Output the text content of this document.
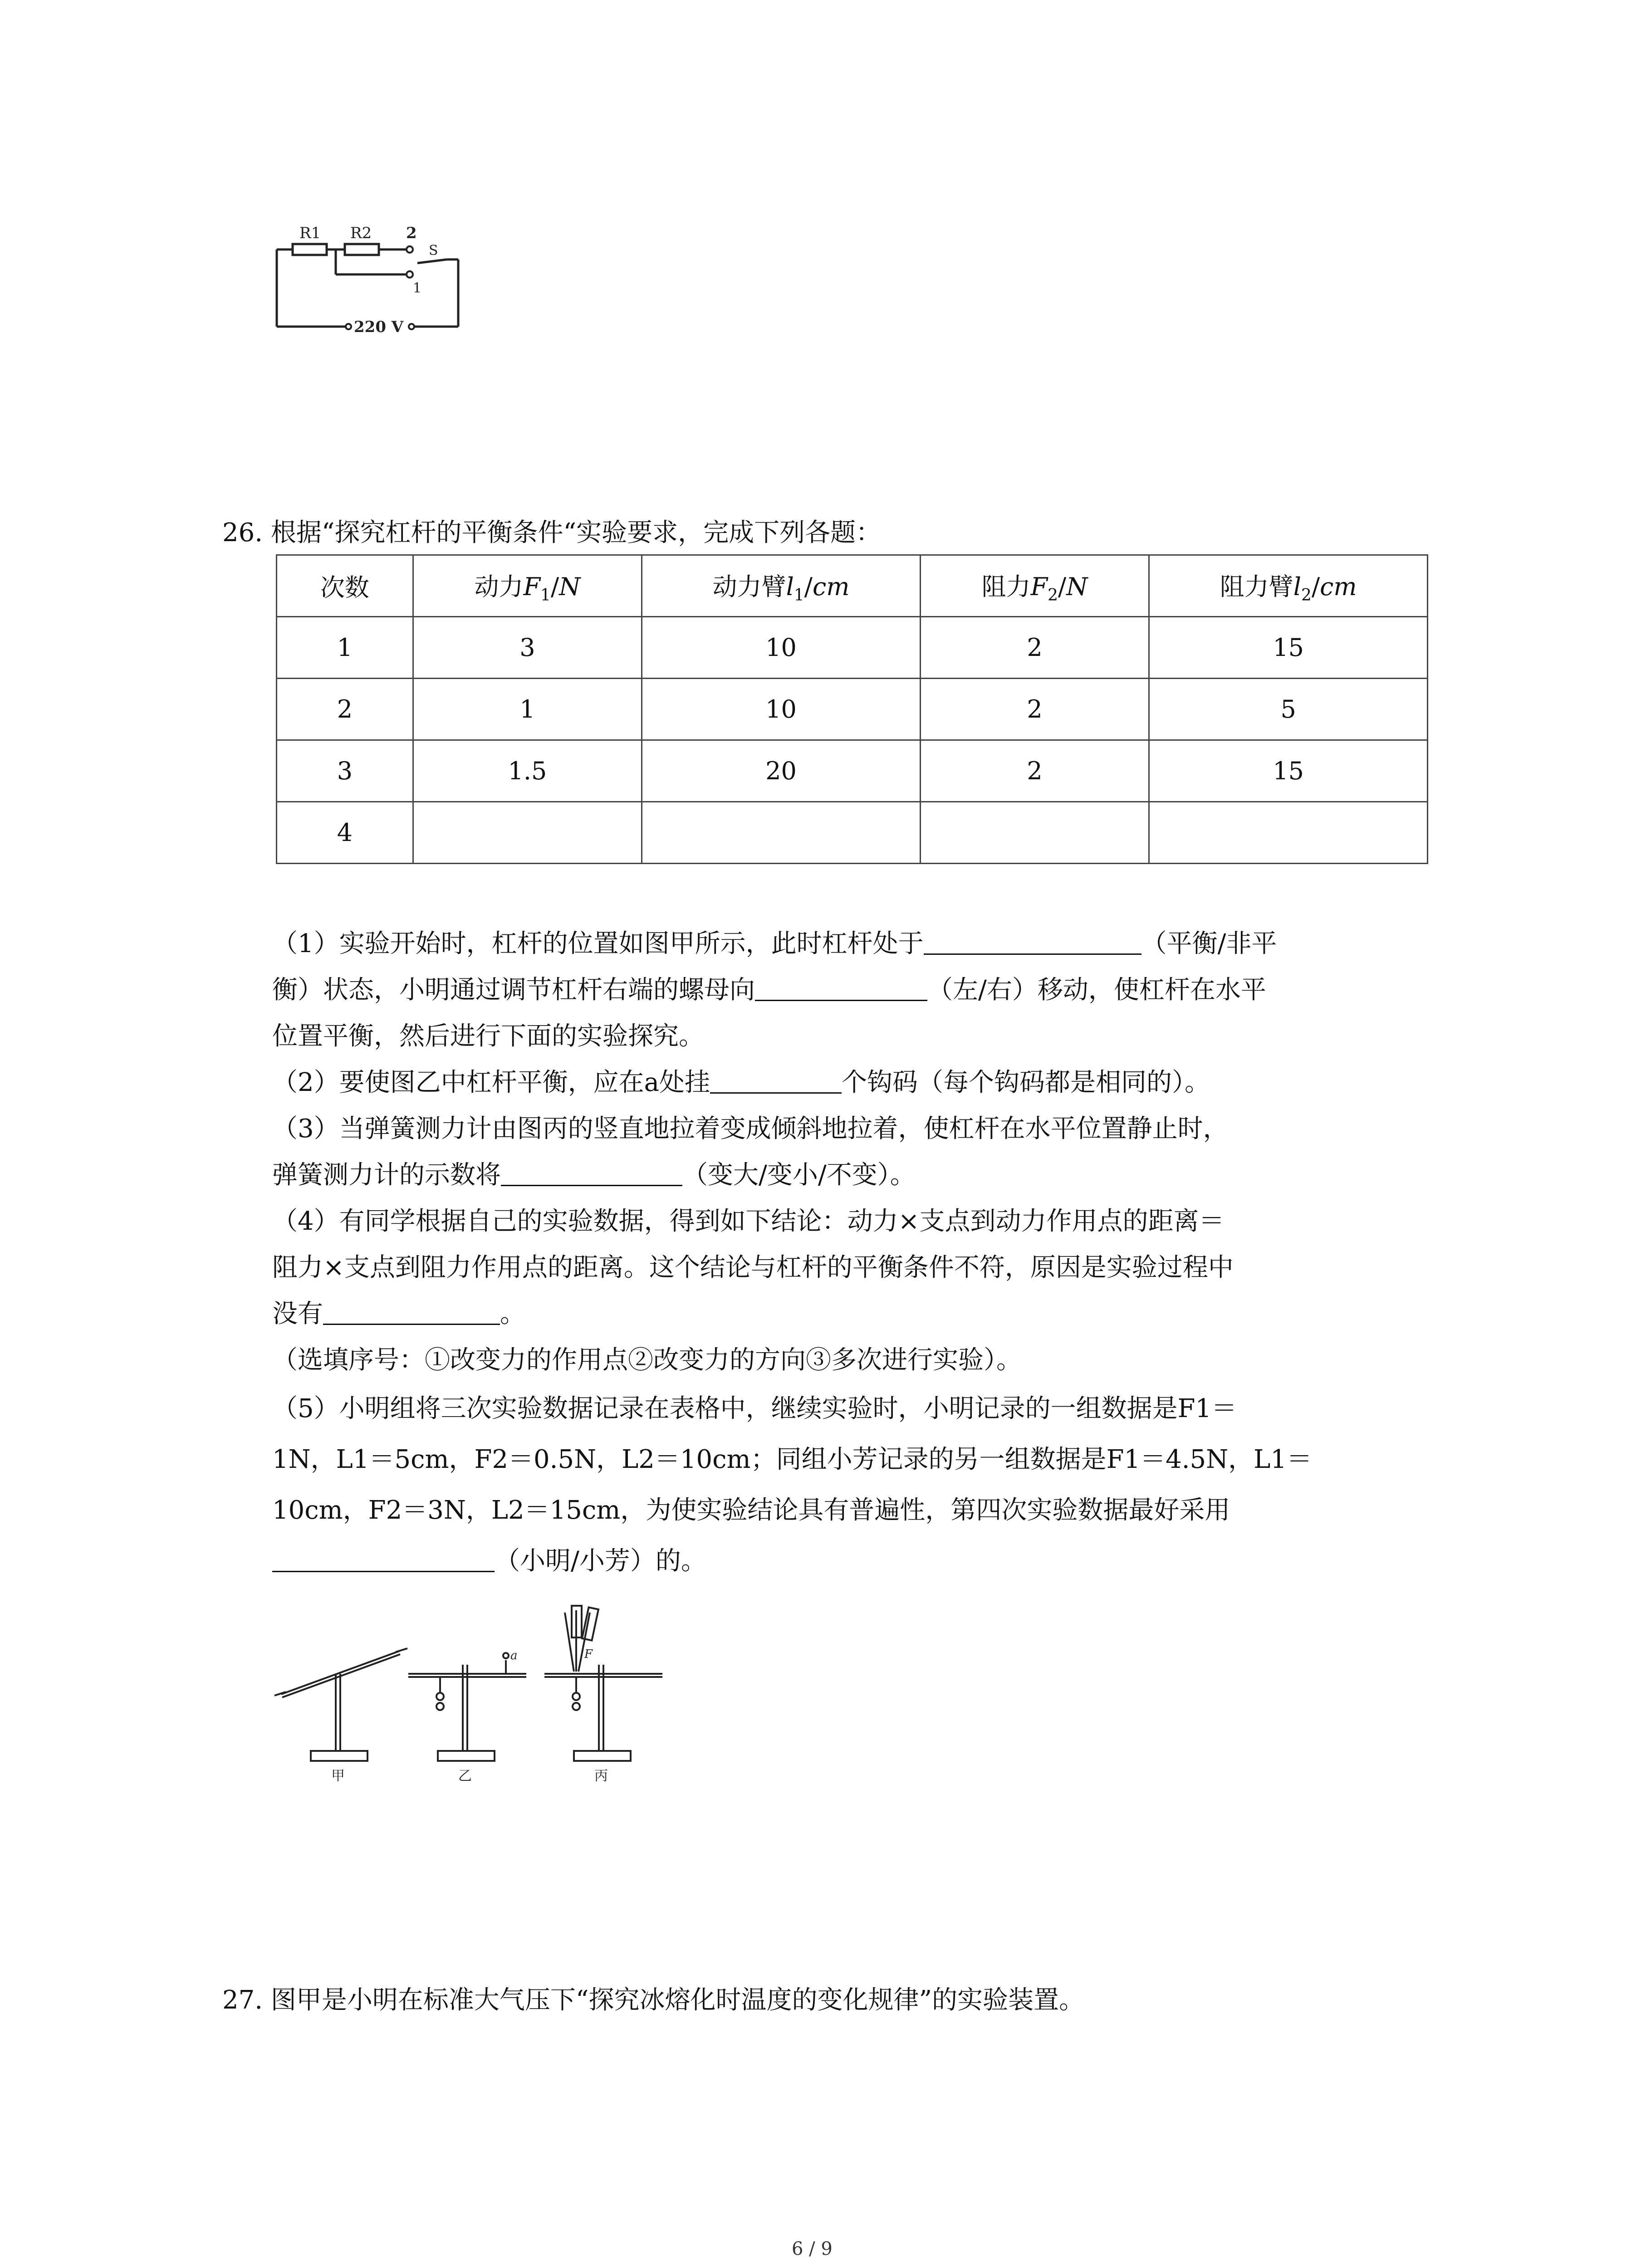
R1 R2 2
S
1
220 V
26. 根据“探究杠杆的平衡条件“实验要求，完成下列各题：
次数	动力$F_1/N$	动力臂$l_1/cm$	阻力$F_2/N$	阻力臂$l_2/cm$
1	3	10	2	15
2	1	10	2	5
3	1.5	20	2	15
4				
（1）实验开始时，杠杆的位置如图甲所示，此时杠杆处于	（平衡/非平
衡）状态，小明通过调节杠杆右端的螺母向	（左/右）移动，使杠杆在水平
位置平衡，然后进行下面的实验探究。
（2）要使图乙中杠杆平衡，应在a处挂	个钩码（每个钩码都是相同的）。
（3）当弹簧测力计由图丙的竖直地拉着变成倾斜地拉着，使杠杆在水平位置静止时，
弹簧测力计的示数将	（变大/变小/不变）。
（4）有同学根据自己的实验数据，得到如下结论：动力×支点到动力作用点的距离＝
阻力×支点到阻力作用点的距离。这个结论与杠杆的平衡条件不符，原因是实验过程中
没有	。
（选填序号：①改变力的作用点②改变力的方向③多次进行实验）。
（5）小明组将三次实验数据记录在表格中，继续实验时，小明记录的一组数据是F1＝
1N，L1＝5cm，F2＝0.5N，L2＝10cm；同组小芳记录的另一组数据是F1＝4.5N，L1＝
10cm，F2＝3N，L2＝15cm，为使实验结论具有普遍性，第四次实验数据最好采用
（小明/小芳）的。
a	F
甲	乙	丙
27. 图甲是小明在标准大气压下“探究冰熔化时温度的变化规律”的实验装置。
6 / 9
